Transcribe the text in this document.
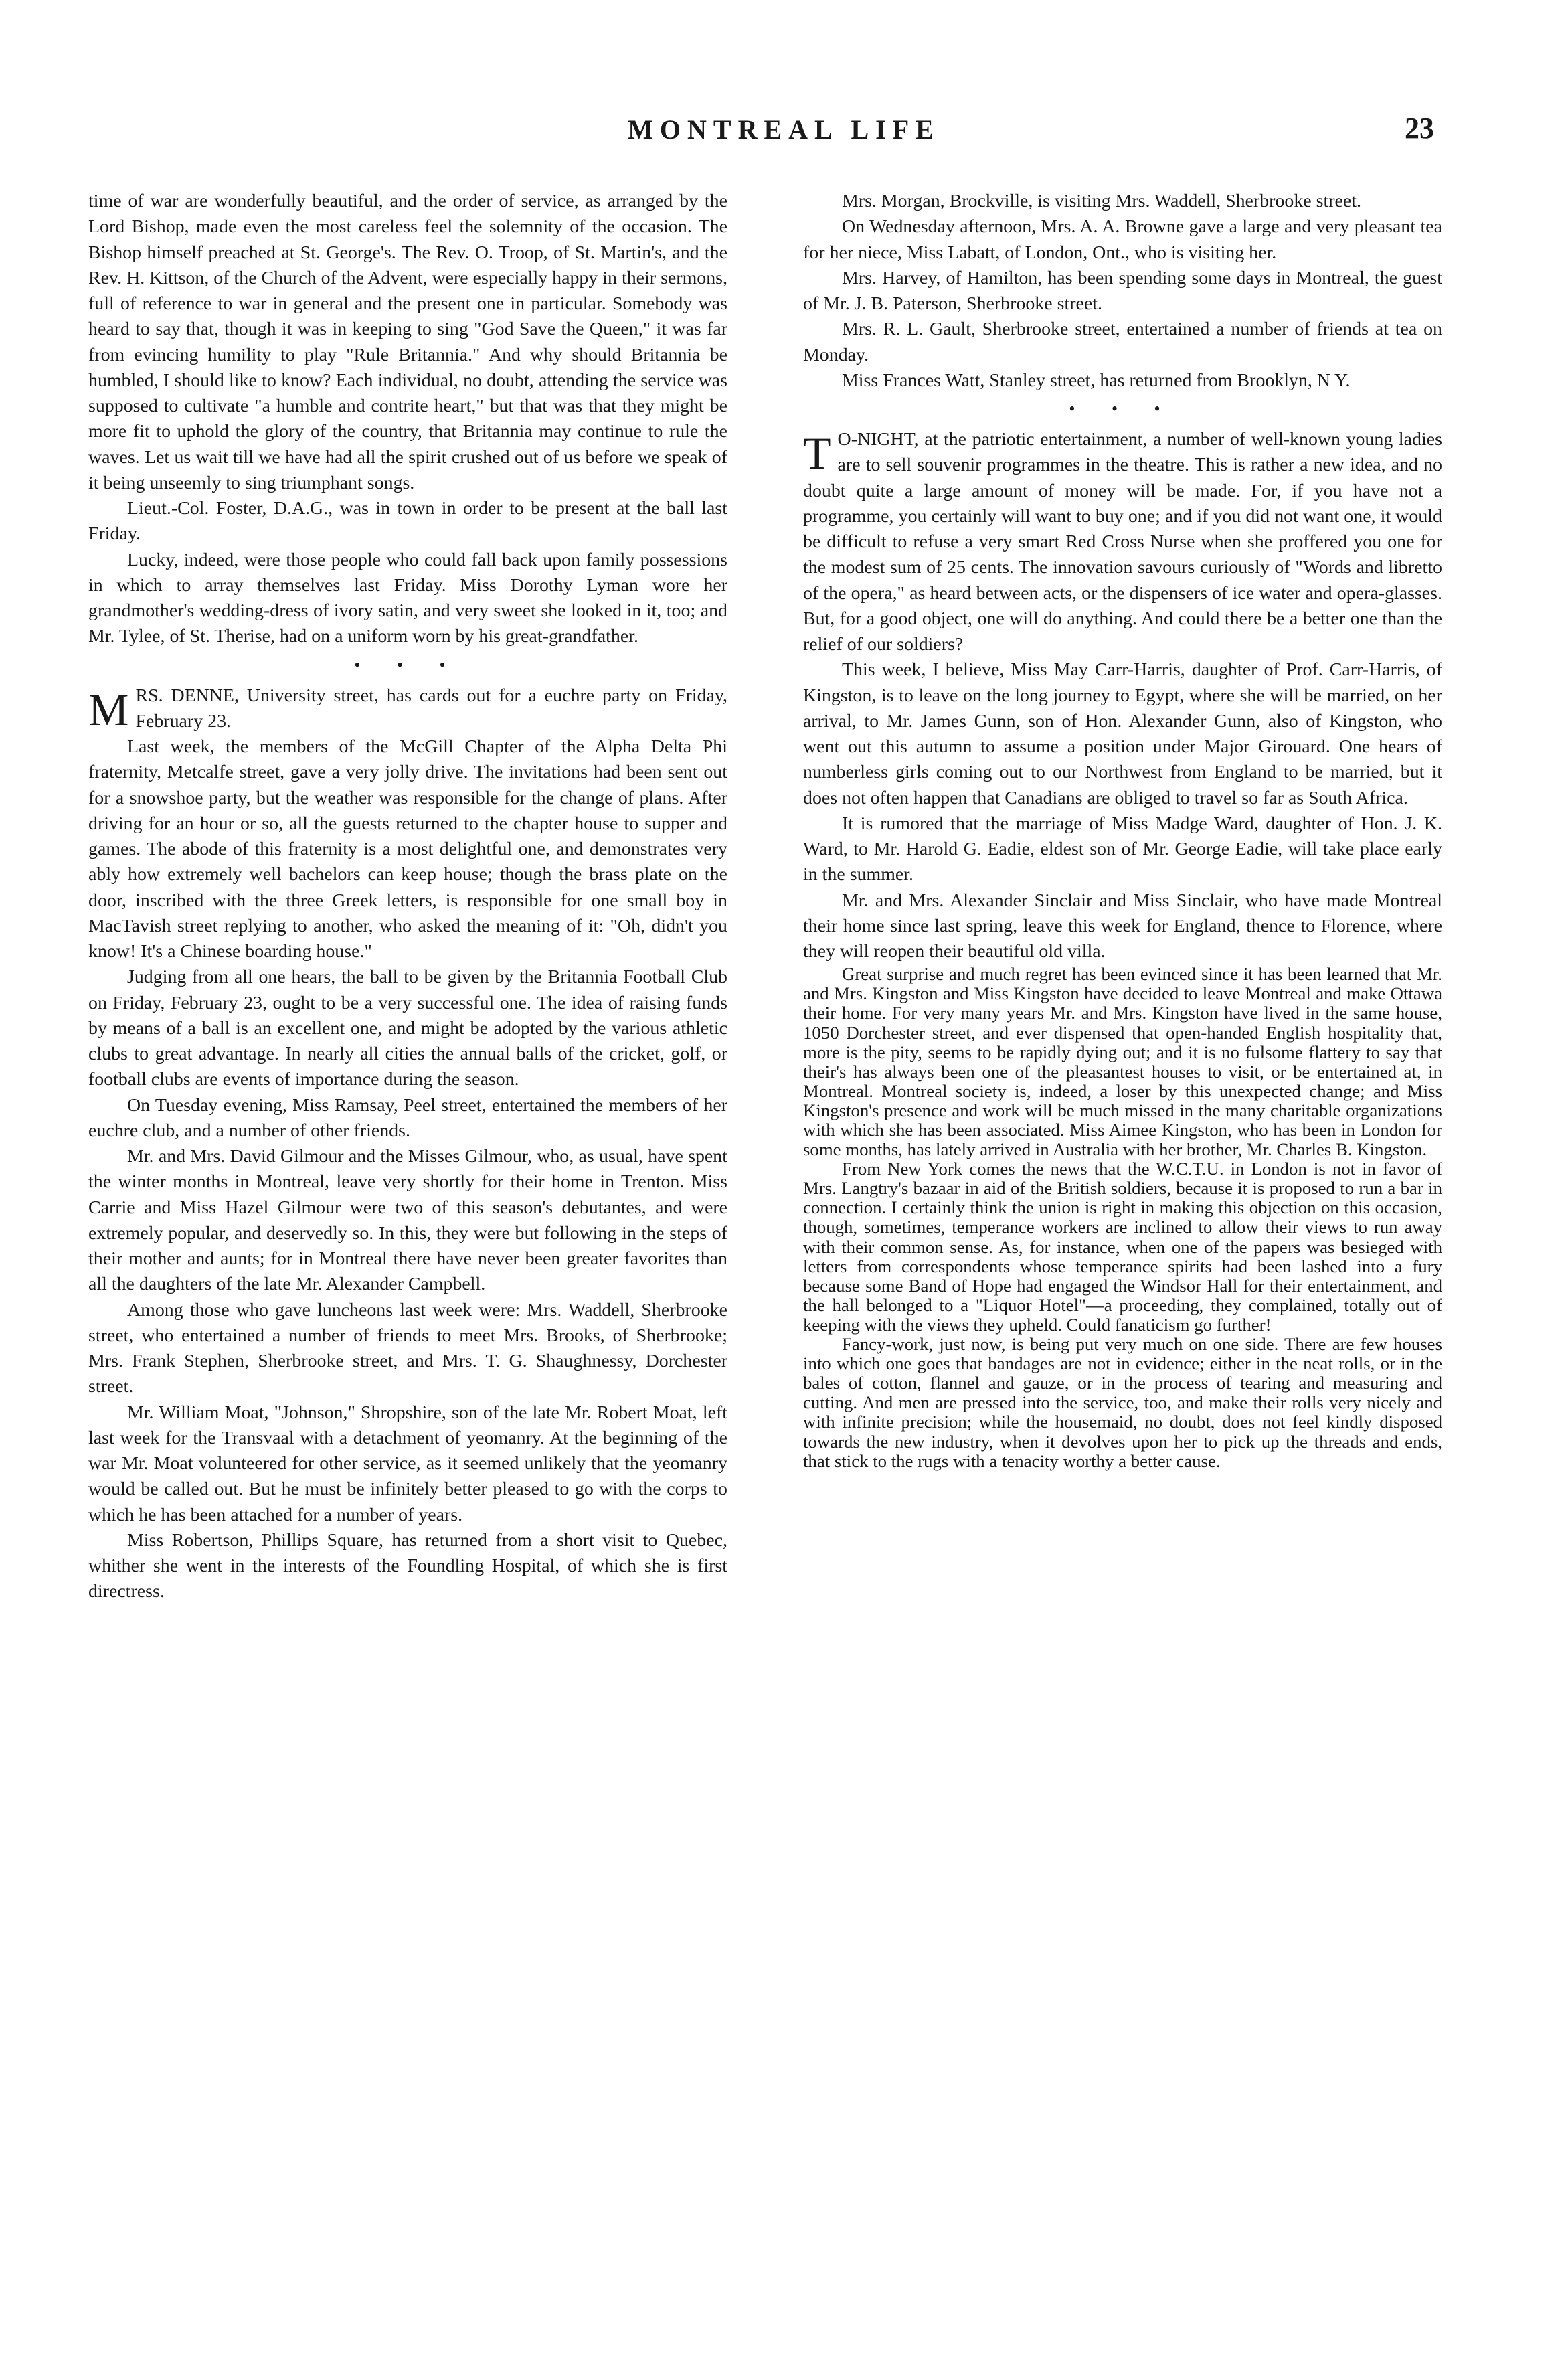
MONTREAL LIFE	23

time of war are wonderfully beautiful, and the order of service, as arranged by the Lord Bishop, made even the most careless feel the solemnity of the occasion. The Bishop himself preached at St. George's. The Rev. O. Troop, of St. Martin's, and the Rev. H. Kittson, of the Church of the Advent, were especially happy in their sermons, full of reference to war in general and the present one in particular. Somebody was heard to say that, though it was in keeping to sing "God Save the Queen," it was far from evincing humility to play "Rule Britannia." And why should Britannia be humbled, I should like to know? Each individual, no doubt, attending the service was supposed to cultivate "a humble and contrite heart," but that was that they might be more fit to uphold the glory of the country, that Britannia may continue to rule the waves. Let us wait till we have had all the spirit crushed out of us before we speak of it being unseemly to sing triumphant songs.

Lieut.-Col. Foster, D.A.G., was in town in order to be present at the ball last Friday.

Lucky, indeed, were those people who could fall back upon family possessions in which to array themselves last Friday. Miss Dorothy Lyman wore her grandmother's wedding-dress of ivory satin, and very sweet she looked in it, too; and Mr. Tylee, of St. Therise, had on a uniform worn by his great-grandfather.

• • •

MRS. DENNE, University street, has cards out for a euchre party on Friday, February 23.

Last week, the members of the McGill Chapter of the Alpha Delta Phi fraternity, Metcalfe street, gave a very jolly drive. The invitations had been sent out for a snowshoe party, but the weather was responsible for the change of plans. After driving for an hour or so, all the guests returned to the chapter house to supper and games. The abode of this fraternity is a most delightful one, and demonstrates very ably how extremely well bachelors can keep house; though the brass plate on the door, inscribed with the three Greek letters, is responsible for one small boy in MacTavish street replying to another, who asked the meaning of it: "Oh, didn't you know! It's a Chinese boarding house."

Judging from all one hears, the ball to be given by the Britannia Football Club on Friday, February 23, ought to be a very successful one. The idea of raising funds by means of a ball is an excellent one, and might be adopted by the various athletic clubs to great advantage. In nearly all cities the annual balls of the cricket, golf, or football clubs are events of importance during the season.

On Tuesday evening, Miss Ramsay, Peel street, entertained the members of her euchre club, and a number of other friends.

Mr. and Mrs. David Gilmour and the Misses Gilmour, who, as usual, have spent the winter months in Montreal, leave very shortly for their home in Trenton. Miss Carrie and Miss Hazel Gilmour were two of this season's debutantes, and were extremely popular, and deservedly so. In this, they were but following in the steps of their mother and aunts; for in Montreal there have never been greater favorites than all the daughters of the late Mr. Alexander Campbell.

Among those who gave luncheons last week were: Mrs. Waddell, Sherbrooke street, who entertained a number of friends to meet Mrs. Brooks, of Sherbrooke; Mrs. Frank Stephen, Sherbrooke street, and Mrs. T. G. Shaughnessy, Dorchester street.

Mr. William Moat, "Johnson," Shropshire, son of the late Mr. Robert Moat, left last week for the Transvaal with a detachment of yeomanry. At the beginning of the war Mr. Moat volunteered for other service, as it seemed unlikely that the yeomanry would be called out. But he must be infinitely better pleased to go with the corps to which he has been attached for a number of years.

Miss Robertson, Phillips Square, has returned from a short visit to Quebec, whither she went in the interests of the Foundling Hospital, of which she is first directress.

Mrs. Morgan, Brockville, is visiting Mrs. Waddell, Sherbrooke street.

On Wednesday afternoon, Mrs. A. A. Browne gave a large and very pleasant tea for her niece, Miss Labatt, of London, Ont., who is visiting her.

Mrs. Harvey, of Hamilton, has been spending some days in Montreal, the guest of Mr. J. B. Paterson, Sherbrooke street.

Mrs. R. L. Gault, Sherbrooke street, entertained a number of friends at tea on Monday.

Miss Frances Watt, Stanley street, has returned from Brooklyn, N Y.

• • •

T O-NIGHT, at the patriotic entertainment, a number of well-known young ladies are to sell souvenir programmes in the theatre. This is rather a new idea, and no doubt quite a large amount of money will be made. For, if you have not a programme, you certainly will want to buy one; and if you did not want one, it would be difficult to refuse a very smart Red Cross Nurse when she proffered you one for the modest sum of 25 cents. The innovation savours curiously of "Words and libretto of the opera," as heard between acts, or the dispensers of ice water and opera-glasses. But, for a good object, one will do anything. And could there be a better one than the relief of our soldiers?

This week, I believe, Miss May Carr-Harris, daughter of Prof. Carr-Harris, of Kingston, is to leave on the long journey to Egypt, where she will be married, on her arrival, to Mr. James Gunn, son of Hon. Alexander Gunn, also of Kingston, who went out this autumn to assume a position under Major Girouard. One hears of numberless girls coming out to our Northwest from England to be married, but it does not often happen that Canadians are obliged to travel so far as South Africa.

It is rumored that the marriage of Miss Madge Ward, daughter of Hon. J. K. Ward, to Mr. Harold G. Eadie, eldest son of Mr. George Eadie, will take place early in the summer.

Mr. and Mrs. Alexander Sinclair and Miss Sinclair, who have made Montreal their home since last spring, leave this week for England, thence to Florence, where they will reopen their beautiful old villa.

Great surprise and much regret has been evinced since it has been learned that Mr. and Mrs. Kingston and Miss Kingston have decided to leave Montreal and make Ottawa their home. For very many years Mr. and Mrs. Kingston have lived in the same house, 1050 Dorchester street, and ever dispensed that open-handed English hospitality that, more is the pity, seems to be rapidly dying out; and it is no fulsome flattery to say that their's has always been one of the pleasantest houses to visit, or be entertained at, in Montreal. Montreal society is, indeed, a loser by this unexpected change; and Miss Kingston's presence and work will be much missed in the many charitable organizations with which she has been associated. Miss Aimee Kingston, who has been in London for some months, has lately arrived in Australia with her brother, Mr. Charles B. Kingston.

From New York comes the news that the W.C.T.U. in London is not in favor of Mrs. Langtry's bazaar in aid of the British soldiers, because it is proposed to run a bar in connection. I certainly think the union is right in making this objection on this occasion, though, sometimes, temperance workers are inclined to allow their views to run away with their common sense. As, for instance, when one of the papers was besieged with letters from correspondents whose temperance spirits had been lashed into a fury because some Band of Hope had engaged the Windsor Hall for their entertainment, and the hall belonged to a "Liquor Hotel"—a proceeding, they complained, totally out of keeping with the views they upheld. Could fanaticism go further!

Fancy-work, just now, is being put very much on one side. There are few houses into which one goes that bandages are not in evidence; either in the neat rolls, or in the bales of cotton, flannel and gauze, or in the process of tearing and measuring and cutting. And men are pressed into the service, too, and make their rolls very nicely and with infinite precision; while the housemaid, no doubt, does not feel kindly disposed towards the new industry, when it devolves upon her to pick up the threads and ends, that stick to the rugs with a tenacity worthy a better cause.
